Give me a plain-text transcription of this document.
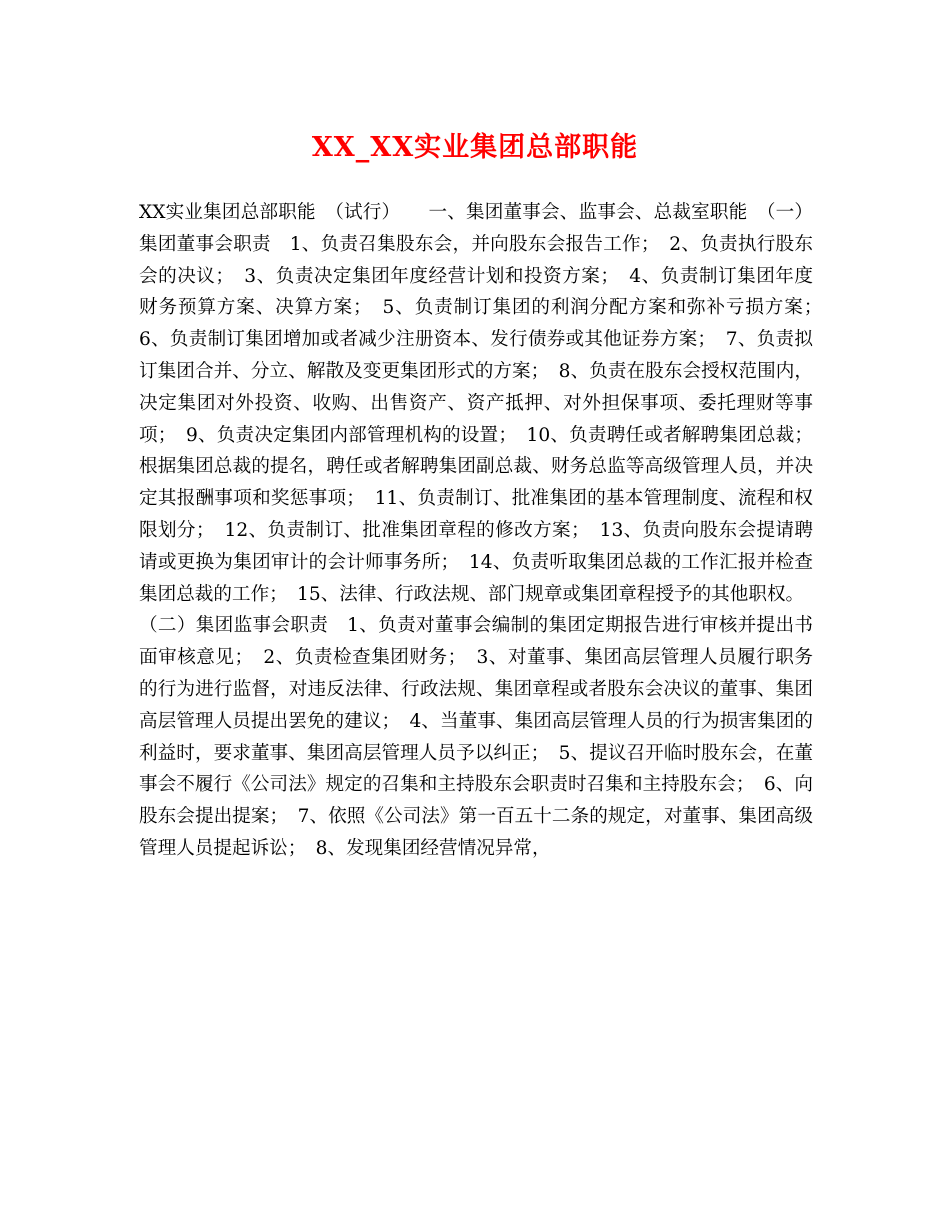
XX_XX实业集团总部职能

XX实业集团总部职能　（试行）　　一、集团董事会、监事会、总裁室职能　（一）集团董事会职责　1、负责召集股东会，并向股东会报告工作；　2、负责执行股东会的决议；　3、负责决定集团年度经营计划和投资方案；　4、负责制订集团年度财务预算方案、决算方案；　5、负责制订集团的利润分配方案和弥补亏损方案；　6、负责制订集团增加或者减少注册资本、发行债券或其他证券方案；　7、负责拟订集团合并、分立、解散及变更集团形式的方案；　8、负责在股东会授权范围内，决定集团对外投资、收购、出售资产、资产抵押、对外担保事项、委托理财等事项；　9、负责决定集团内部管理机构的设置；　10、负责聘任或者解聘集团总裁；根据集团总裁的提名，聘任或者解聘集团副总裁、财务总监等高级管理人员，并决定其报酬事项和奖惩事项；　11、负责制订、批准集团的基本管理制度、流程和权限划分；　12、负责制订、批准集团章程的修改方案；　13、负责向股东会提请聘请或更换为集团审计的会计师事务所；　14、负责听取集团总裁的工作汇报并检查集团总裁的工作；　15、法律、行政法规、部门规章或集团章程授予的其他职权。

（二）集团监事会职责　1、负责对董事会编制的集团定期报告进行审核并提出书面审核意见；　2、负责检查集团财务；　3、对董事、集团高层管理人员履行职务的行为进行监督，对违反法律、行政法规、集团章程或者股东会决议的董事、集团高层管理人员提出罢免的建议；　4、当董事、集团高层管理人员的行为损害集团的利益时，要求董事、集团高层管理人员予以纠正；　5、提议召开临时股东会，在董事会不履行《公司法》规定的召集和主持股东会职责时召集和主持股东会；　6、向股东会提出提案；　7、依照《公司法》第一百五十二条的规定，对董事、集团高级管理人员提起诉讼；　8、发现集团经营情况异常，
